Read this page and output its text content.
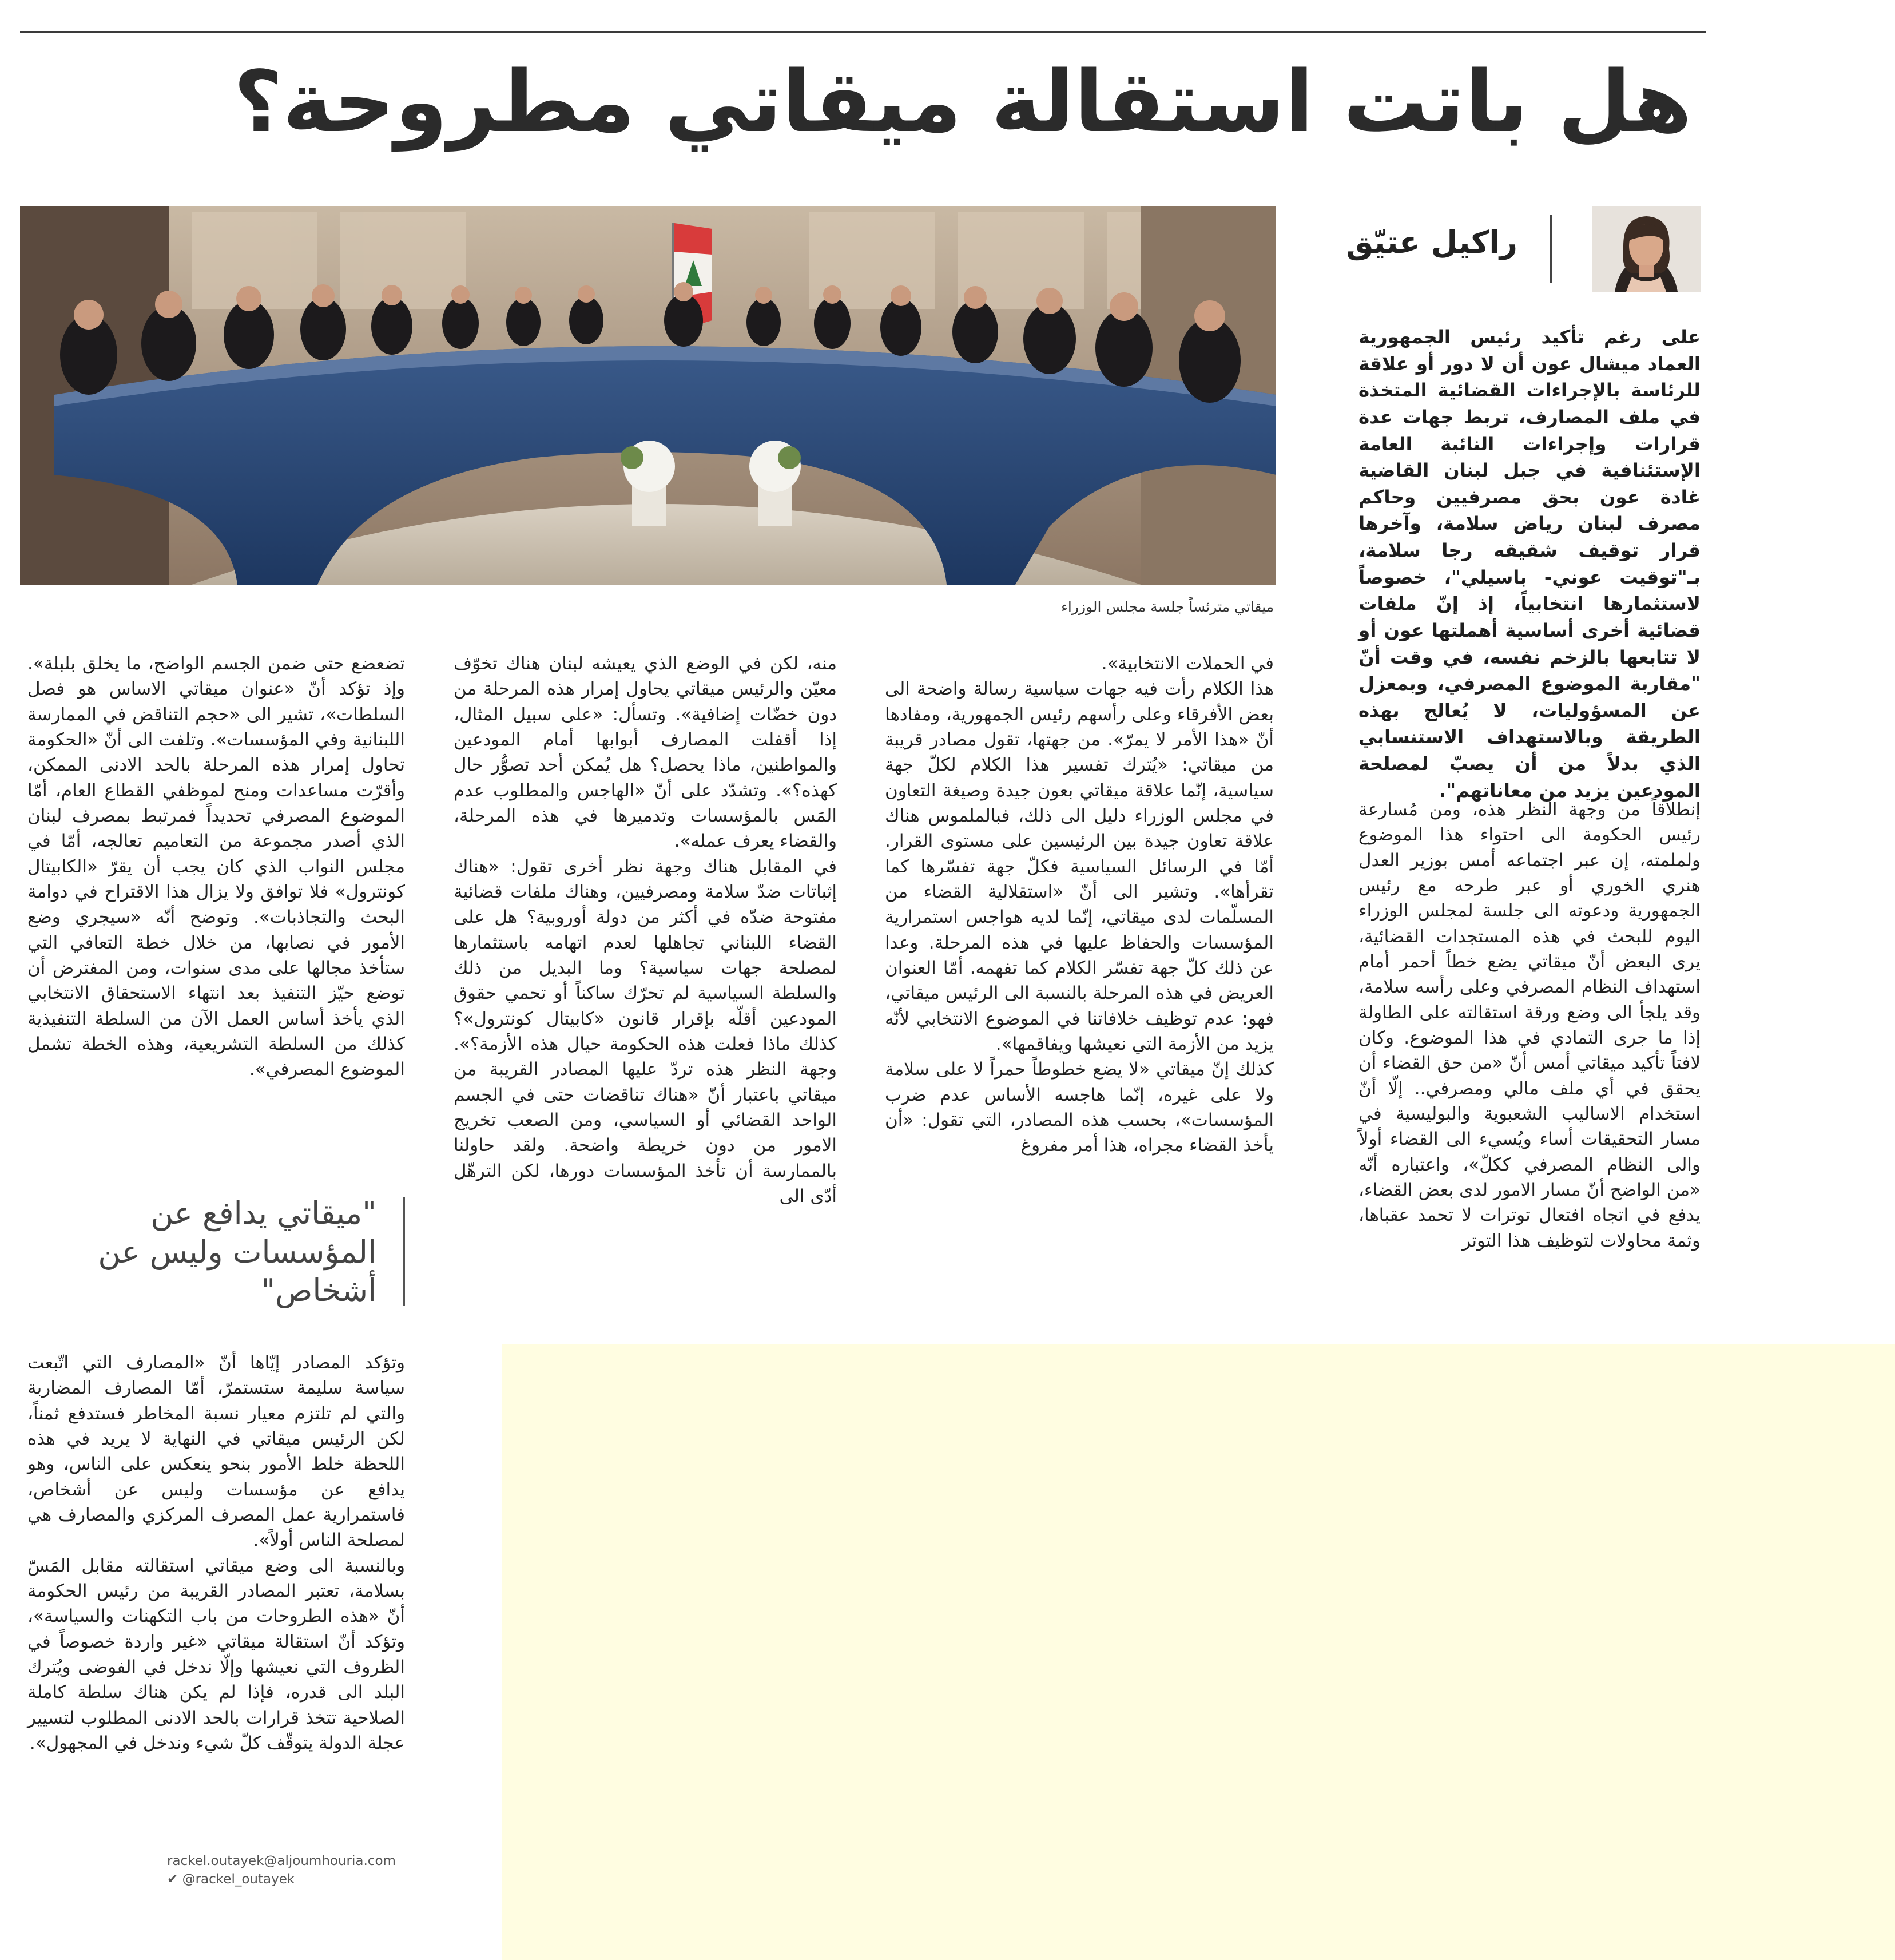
هل باتت استقالة ميقاتي مطروحة؟

راكيل عتيّق

ميقاتي مترئساً جلسة مجلس الوزراء

على رغم تأكيد رئيس الجمهورية العماد ميشال عون أن لا دور أو علاقة للرئاسة بالإجراءات القضائية المتخذة في ملف المصارف، تربط جهات عدة قرارات وإجراءات النائبة العامة الإستئنافية في جبل لبنان القاضية غادة عون بحق مصرفيين وحاكم مصرف لبنان رياض سلامة، وآخرها قرار توقيف شقيقه رجا سلامة، بـ"توقيت عوني- باسيلي"، خصوصاً لاستثمارها انتخابياً، إذ إنّ ملفات قضائية أخرى أساسية أهملتها عون أو لا تتابعها بالزخم نفسه، في وقت أنّ "مقاربة الموضوع المصرفي، وبمعزل عن المسؤوليات، لا يُعالج بهذه الطريقة وبالاستهداف الاستنسابي الذي بدلاً من أن يصبّ لمصلحة المودعين يزيد من معاناتهم".

إنطلاقاً من وجهة النظر هذه، ومن مُسارعة رئيس الحكومة الى احتواء هذا الموضوع ولملمته، إن عبر اجتماعه أمس بوزير العدل هنري الخوري أو عبر طرحه مع رئيس الجمهورية ودعوته الى جلسة لمجلس الوزراء اليوم للبحث في هذه المستجدات القضائية، يرى البعض أنّ ميقاتي يضع خطاً أحمر أمام استهداف النظام المصرفي وعلى رأسه سلامة، وقد يلجأ الى وضع ورقة استقالته على الطاولة إذا ما جرى التمادي في هذا الموضوع. وكان لافتاً تأكيد ميقاتي أمس أنّ «من حق القضاء أن يحقق في أي ملف مالي ومصرفي.. إلّا أنّ استخدام الاساليب الشعبوية والبوليسية في مسار التحقيقات أساء ويُسيء الى القضاء أولاً والى النظام المصرفي ككلّ»، واعتباره أنّه «من الواضح أنّ مسار الامور لدى بعض القضاء، يدفع في اتجاه افتعال توترات لا تحمد عقباها، وثمة محاولات لتوظيف هذا التوتر

في الحملات الانتخابية».

هذا الكلام رأت فيه جهات سياسية رسالة واضحة الى بعض الأفرقاء وعلى رأسهم رئيس الجمهورية، ومفادها أنّ «هذا الأمر لا يمرّ». من جهتها، تقول مصادر قريبة من ميقاتي: «يُترك تفسير هذا الكلام لكلّ جهة سياسية، إنّما علاقة ميقاتي بعون جيدة وصيغة التعاون في مجلس الوزراء دليل الى ذلك، فبالملموس هناك علاقة تعاون جيدة بين الرئيسين على مستوى القرار. أمّا في الرسائل السياسية فكلّ جهة تفسّرها كما تقرأها». وتشير الى أنّ «استقلالية القضاء من المسلّمات لدى ميقاتي، إنّما لديه هواجس استمرارية المؤسسات والحفاظ عليها في هذه المرحلة. وعدا عن ذلك كلّ جهة تفسّر الكلام كما تفهمه. أمّا العنوان العريض في هذه المرحلة بالنسبة الى الرئيس ميقاتي، فهو: عدم توظيف خلافاتنا في الموضوع الانتخابي لأنّه يزيد من الأزمة التي نعيشها ويفاقمها».

كذلك إنّ ميقاتي «لا يضع خطوطاً حمراً لا على سلامة ولا على غيره، إنّما هاجسه الأساس عدم ضرب المؤسسات»، بحسب هذه المصادر، التي تقول: «أن يأخذ القضاء مجراه، هذا أمر مفروغ

منه، لكن في الوضع الذي يعيشه لبنان هناك تخوّف معيّن والرئيس ميقاتي يحاول إمرار هذه المرحلة من دون خضّات إضافية». وتسأل: «على سبيل المثال، إذا أقفلت المصارف أبوابها أمام المودعين والمواطنين، ماذا يحصل؟ هل يُمكن أحد تصوُّر حال كهذه؟». وتشدّد على أنّ «الهاجس والمطلوب عدم المَس بالمؤسسات وتدميرها في هذه المرحلة، والقضاء يعرف عمله».

في المقابل هناك وجهة نظر أخرى تقول: «هناك إثباتات ضدّ سلامة ومصرفيين، وهناك ملفات قضائية مفتوحة ضدّه في أكثر من دولة أوروبية؟ هل على القضاء اللبناني تجاهلها لعدم اتهامه باستثمارها لمصلحة جهات سياسية؟ وما البديل من ذلك والسلطة السياسية لم تحرّك ساكناً أو تحمي حقوق المودعين أقلّه بإقرار قانون «كابيتال كونترول»؟ كذلك ماذا فعلت هذه الحكومة حيال هذه الأزمة؟». وجهة النظر هذه تردّ عليها المصادر القريبة من ميقاتي باعتبار أنّ «هناك تناقضات حتى في الجسم الواحد القضائي أو السياسي، ومن الصعب تخريج الامور من دون خريطة واضحة. ولقد حاولنا بالممارسة أن تأخذ المؤسسات دورها، لكن الترهّل أدّى الى

تضعضع حتى ضمن الجسم الواضح، ما يخلق بلبلة». وإذ تؤكد أنّ «عنوان ميقاتي الاساس هو فصل السلطات»، تشير الى «حجم التناقض في الممارسة اللبنانية وفي المؤسسات». وتلفت الى أنّ «الحكومة تحاول إمرار هذه المرحلة بالحد الادنى الممكن، وأقرّت مساعدات ومنح لموظفي القطاع العام، أمّا الموضوع المصرفي تحديداً فمرتبط بمصرف لبنان الذي أصدر مجموعة من التعاميم تعالجه، أمّا في مجلس النواب الذي كان يجب أن يقرّ «الكابيتال كونترول» فلا توافق ولا يزال هذا الاقتراح في دوامة البحث والتجاذبات». وتوضح أنّه «سيجري وضع الأمور في نصابها، من خلال خطة التعافي التي ستأخذ مجالها على مدى سنوات، ومن المفترض أن توضع حيّز التنفيذ بعد انتهاء الاستحقاق الانتخابي الذي يأخذ أساس العمل الآن من السلطة التنفيذية كذلك من السلطة التشريعية، وهذه الخطة تشمل الموضوع المصرفي».

"ميقاتي يدافع عن المؤسسات وليس عن أشخاص"

وتؤكد المصادر إيّاها أنّ «المصارف التي اتّبعت سياسة سليمة ستستمرّ، أمّا المصارف المضاربة والتي لم تلتزم معيار نسبة المخاطر فستدفع ثمناً، لكن الرئيس ميقاتي في النهاية لا يريد في هذه اللحظة خلط الأمور بنحو ينعكس على الناس، وهو يدافع عن مؤسسات وليس عن أشخاص، فاستمرارية عمل المصرف المركزي والمصارف هي لمصلحة الناس أولاً».

وبالنسبة الى وضع ميقاتي استقالته مقابل المَسّ بسلامة، تعتبر المصادر القريبة من رئيس الحكومة أنّ «هذه الطروحات من باب التكهنات والسياسة»، وتؤكد أنّ استقالة ميقاتي «غير واردة خصوصاً في الظروف التي نعيشها وإلّا ندخل في الفوضى ويُترك البلد الى قدره، فإذا لم يكن هناك سلطة كاملة الصلاحية تتخذ قرارات بالحد الادنى المطلوب لتسيير عجلة الدولة يتوقّف كلّ شيء وندخل في المجهول».

rackel.outayek@aljoumhouria.com

✔ @rackel_outayek
